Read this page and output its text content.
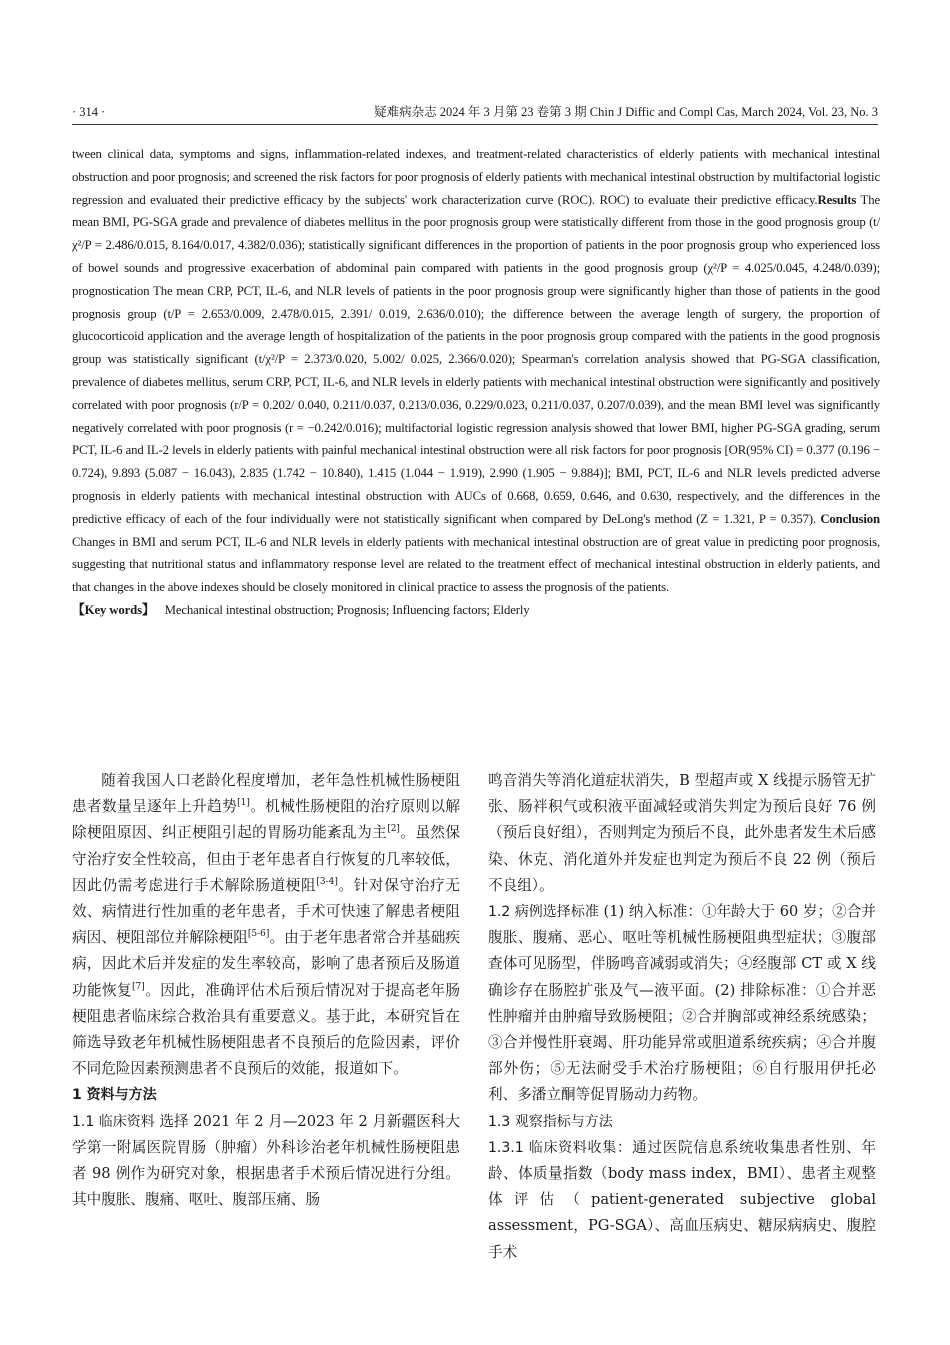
· 314 ·	疑难病杂志 2024 年 3 月第 23 卷第 3 期 Chin J Diffic and Compl Cas, March 2024, Vol. 23, No. 3

tween clinical data, symptoms and signs, inflammation-related indexes, and treatment-related characteristics of elderly patients with mechanical intestinal obstruction and poor prognosis; and screened the risk factors for poor prognosis of elderly patients with mechanical intestinal obstruction by multifactorial logistic regression and evaluated their predictive efficacy by the subjects' work characterization curve (ROC). ROC) to evaluate their predictive efficacy.Results The mean BMI, PG-SGA grade and prevalence of diabetes mellitus in the poor prognosis group were statistically different from those in the good prognosis group (t/χ²/P = 2.486/0.015, 8.164/0.017, 4.382/0.036); statistically significant differences in the proportion of patients in the poor prognosis group who experienced loss of bowel sounds and progressive exacerbation of abdominal pain compared with patients in the good prognosis group (χ²/P = 4.025/0.045, 4.248/0.039); prognostication The mean CRP, PCT, IL-6, and NLR levels of patients in the poor prognosis group were significantly higher than those of patients in the good prognosis group (t/P = 2.653/0.009, 2.478/0.015, 2.391/ 0.019, 2.636/0.010); the difference between the average length of surgery, the proportion of glucocorticoid application and the average length of hospitalization of the patients in the poor prognosis group compared with the patients in the good prognosis group was statistically significant (t/χ²/P = 2.373/0.020, 5.002/ 0.025, 2.366/0.020); Spearman's correlation analysis showed that PG-SGA classification, prevalence of diabetes mellitus, serum CRP, PCT, IL-6, and NLR levels in elderly patients with mechanical intestinal obstruction were significantly and positively correlated with poor prognosis (r/P = 0.202/ 0.040, 0.211/0.037, 0.213/0.036, 0.229/0.023, 0.211/0.037, 0.207/0.039), and the mean BMI level was significantly negatively correlated with poor prognosis (r = −0.242/0.016); multifactorial logistic regression analysis showed that lower BMI, higher PG-SGA grading, serum PCT, IL-6 and IL-2 levels in elderly patients with painful mechanical intestinal obstruction were all risk factors for poor prognosis [OR(95% CI) = 0.377 (0.196 − 0.724), 9.893 (5.087 − 16.043), 2.835 (1.742 − 10.840), 1.415 (1.044 − 1.919), 2.990 (1.905 − 9.884)]; BMI, PCT, IL-6 and NLR levels predicted adverse prognosis in elderly patients with mechanical intestinal obstruction with AUCs of 0.668, 0.659, 0.646, and 0.630, respectively, and the differences in the predictive efficacy of each of the four individually were not statistically significant when compared by DeLong's method (Z = 1.321, P = 0.357). Conclusion Changes in BMI and serum PCT, IL-6 and NLR levels in elderly patients with mechanical intestinal obstruction are of great value in predicting poor prognosis, suggesting that nutritional status and inflammatory response level are related to the treatment effect of mechanical intestinal obstruction in elderly patients, and that changes in the above indexes should be closely monitored in clinical practice to assess the prognosis of the patients.

【Key words】 Mechanical intestinal obstruction; Prognosis; Influencing factors; Elderly

随着我国人口老龄化程度增加，老年急性机械性肠梗阻患者数量呈逐年上升趋势[1]。机械性肠梗阻的治疗原则以解除梗阻原因、纠正梗阻引起的胃肠功能紊乱为主[2]。虽然保守治疗安全性较高，但由于老年患者自行恢复的几率较低，因此仍需考虑进行手术解除肠道梗阻[3-4]。针对保守治疗无效、病情进行性加重的老年患者，手术可快速了解患者梗阻病因、梗阻部位并解除梗阻[5-6]。由于老年患者常合并基础疾病，因此术后并发症的发生率较高，影响了患者预后及肠道功能恢复[7]。因此，准确评估术后预后情况对于提高老年肠梗阻患者临床综合救治具有重要意义。基于此，本研究旨在筛选导致老年机械性肠梗阻患者不良预后的危险因素，评价不同危险因素预测患者不良预后的效能，报道如下。

1 资料与方法

1.1 临床资料 选择 2021 年 2 月—2023 年 2 月新疆医科大学第一附属医院胃肠（肿瘤）外科诊治老年机械性肠梗阻患者 98 例作为研究对象，根据患者手术预后情况进行分组。其中腹胀、腹痛、呕吐、腹部压痛、肠

鸣音消失等消化道症状消失，B 型超声或 X 线提示肠管无扩张、肠袢积气或积液平面减轻或消失判定为预后良好 76 例（预后良好组），否则判定为预后不良，此外患者发生术后感染、休克、消化道外并发症也判定为预后不良 22 例（预后不良组）。

1.2 病例选择标准 (1) 纳入标准：①年龄大于 60 岁；②合并腹胀、腹痛、恶心、呕吐等机械性肠梗阻典型症状；③腹部查体可见肠型，伴肠鸣音减弱或消失；④经腹部 CT 或 X 线确诊存在肠腔扩张及气—液平面。(2) 排除标准：①合并恶性肿瘤并由肿瘤导致肠梗阻；②合并胸部或神经系统感染；③合并慢性肝衰竭、肝功能异常或胆道系统疾病；④合并腹部外伤；⑤无法耐受手术治疗肠梗阻；⑥自行服用伊托必利、多潘立酮等促胃肠动力药物。

1.3 观察指标与方法

1.3.1 临床资料收集：通过医院信息系统收集患者性别、年龄、体质量指数（body mass index，BMI）、患者主观整体评估（patient-generated subjective global assessment，PG-SGA）、高血压病史、糖尿病病史、腹腔手术
